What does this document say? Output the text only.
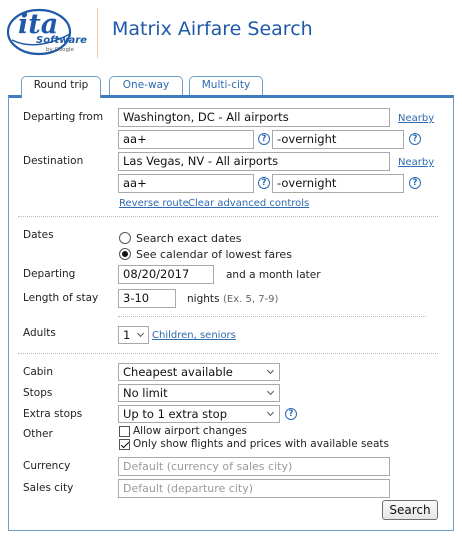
ita
Software
by Google
Matrix Airfare Search
Round trip	One-way	Multi-city
Departing from	Washington, DC - All airports	Nearby
aa+	? -overnight	?
Destination	Las Vegas, NV - All airports	Nearby
aa+	? -overnight	?
Reverse route Clear advanced controls
Dates	Search exact dates
See calendar of lowest fares
Departing	08/20/2017	and a month later
Length of stay	3-10	nights (Ex. 5, 7-9)
Adults	1	Children, seniors
Cabin	Cheapest available
Stops	No limit
Extra stops	Up to 1 extra stop	?
Other	Allow airport changes
Only show flights and prices with available seats
Currency	Default (currency of sales city)
Sales city	Default (departure city)
Search
